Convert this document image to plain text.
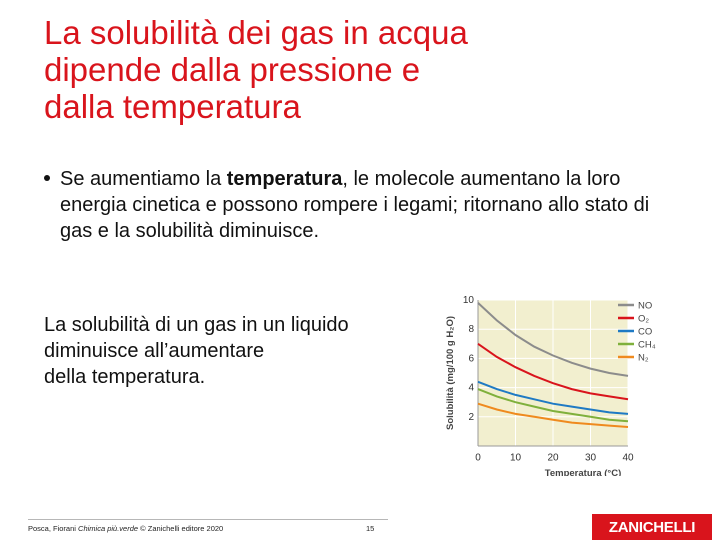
La solubilità dei gas in acqua
dipende dalla pressione e
dalla temperatura
Se aumentiamo la temperatura, le molecole aumentano la loro energia cinetica e possono rompere i legami; ritornano allo stato di gas e la solubilità diminuisce.
La solubilità di un gas in un liquido
diminuisce all’aumentare
della temperatura.
0	10	20	30	40
2
4
6
8
10
Temperatura (°C)
Solubilità (mg/100 g H₂O)
NO
O₂
CO
CH₄
N₂
Posca, Fiorani Chimica più.verde © Zanichelli editore 2020	15	ZANICHELLI
